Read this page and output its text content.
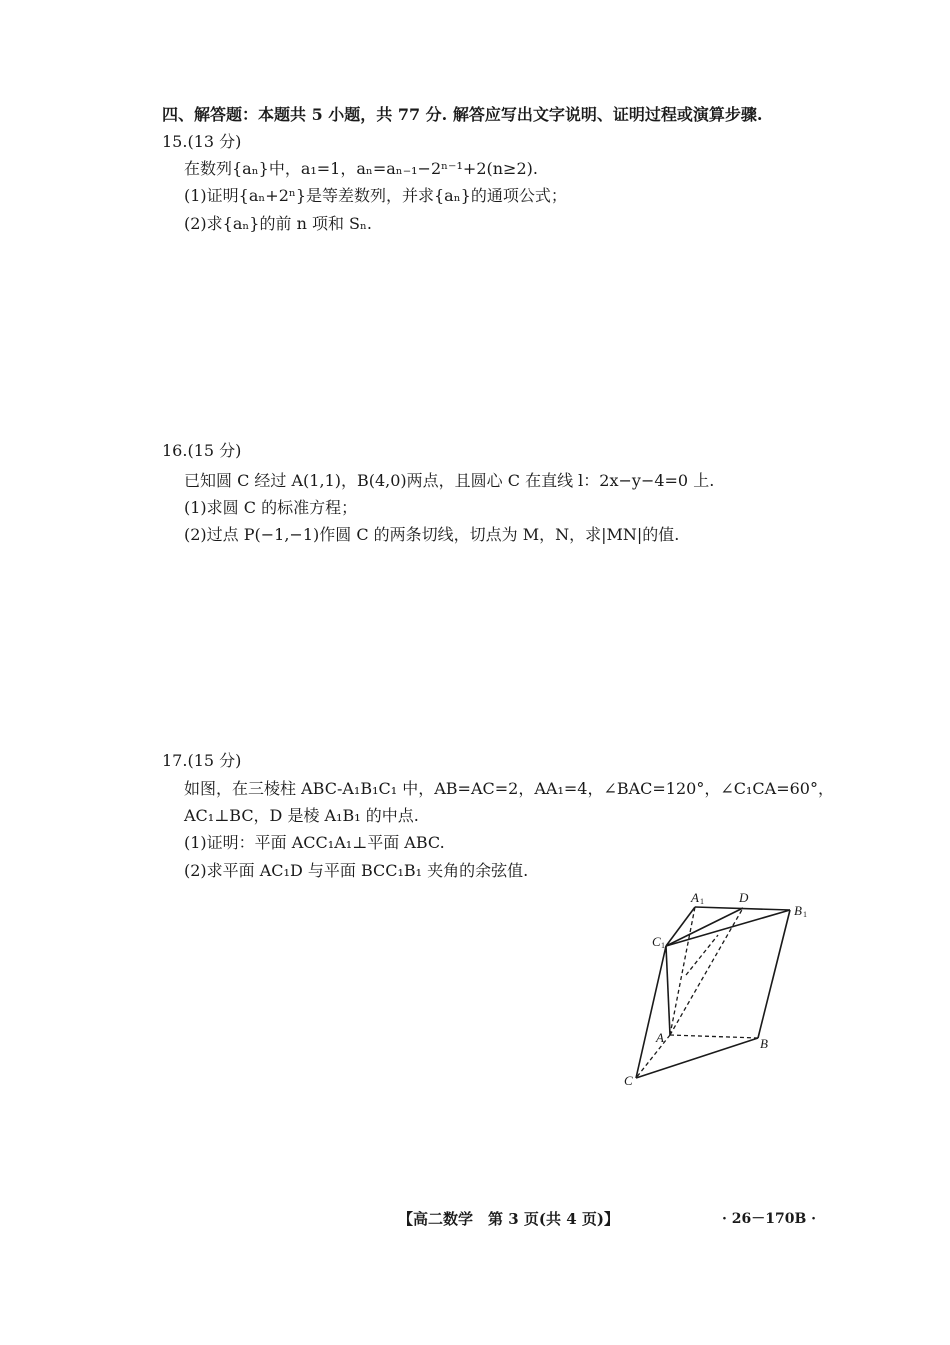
四、解答题：本题共 5 小题，共 77 分. 解答应写出文字说明、证明过程或演算步骤.
15.(13 分)
在数列{aₙ}中，a₁=1，aₙ=aₙ₋₁−2ⁿ⁻¹+2(n≥2).
(1)证明{aₙ+2ⁿ}是等差数列，并求{aₙ}的通项公式；
(2)求{aₙ}的前 n 项和 Sₙ.
16.(15 分)
已知圆 C 经过 A(1,1)，B(4,0)两点，且圆心 C 在直线 l：2x−y−4=0 上.
(1)求圆 C 的标准方程；
(2)过点 P(−1,−1)作圆 C 的两条切线，切点为 M，N，求|MN|的值.
17.(15 分)
如图，在三棱柱 ABC-A₁B₁C₁ 中，AB=AC=2，AA₁=4，∠BAC=120°，∠C₁CA=60°，
AC₁⊥BC，D 是棱 A₁B₁ 的中点.
(1)证明：平面 ACC₁A₁⊥平面 ABC.
(2)求平面 AC₁D 与平面 BCC₁B₁ 夹角的余弦值.
A 1	D
B 1
C 1
A	B
C
【高二数学　第 3 页(共 4 页)】	· 26－170B ·
